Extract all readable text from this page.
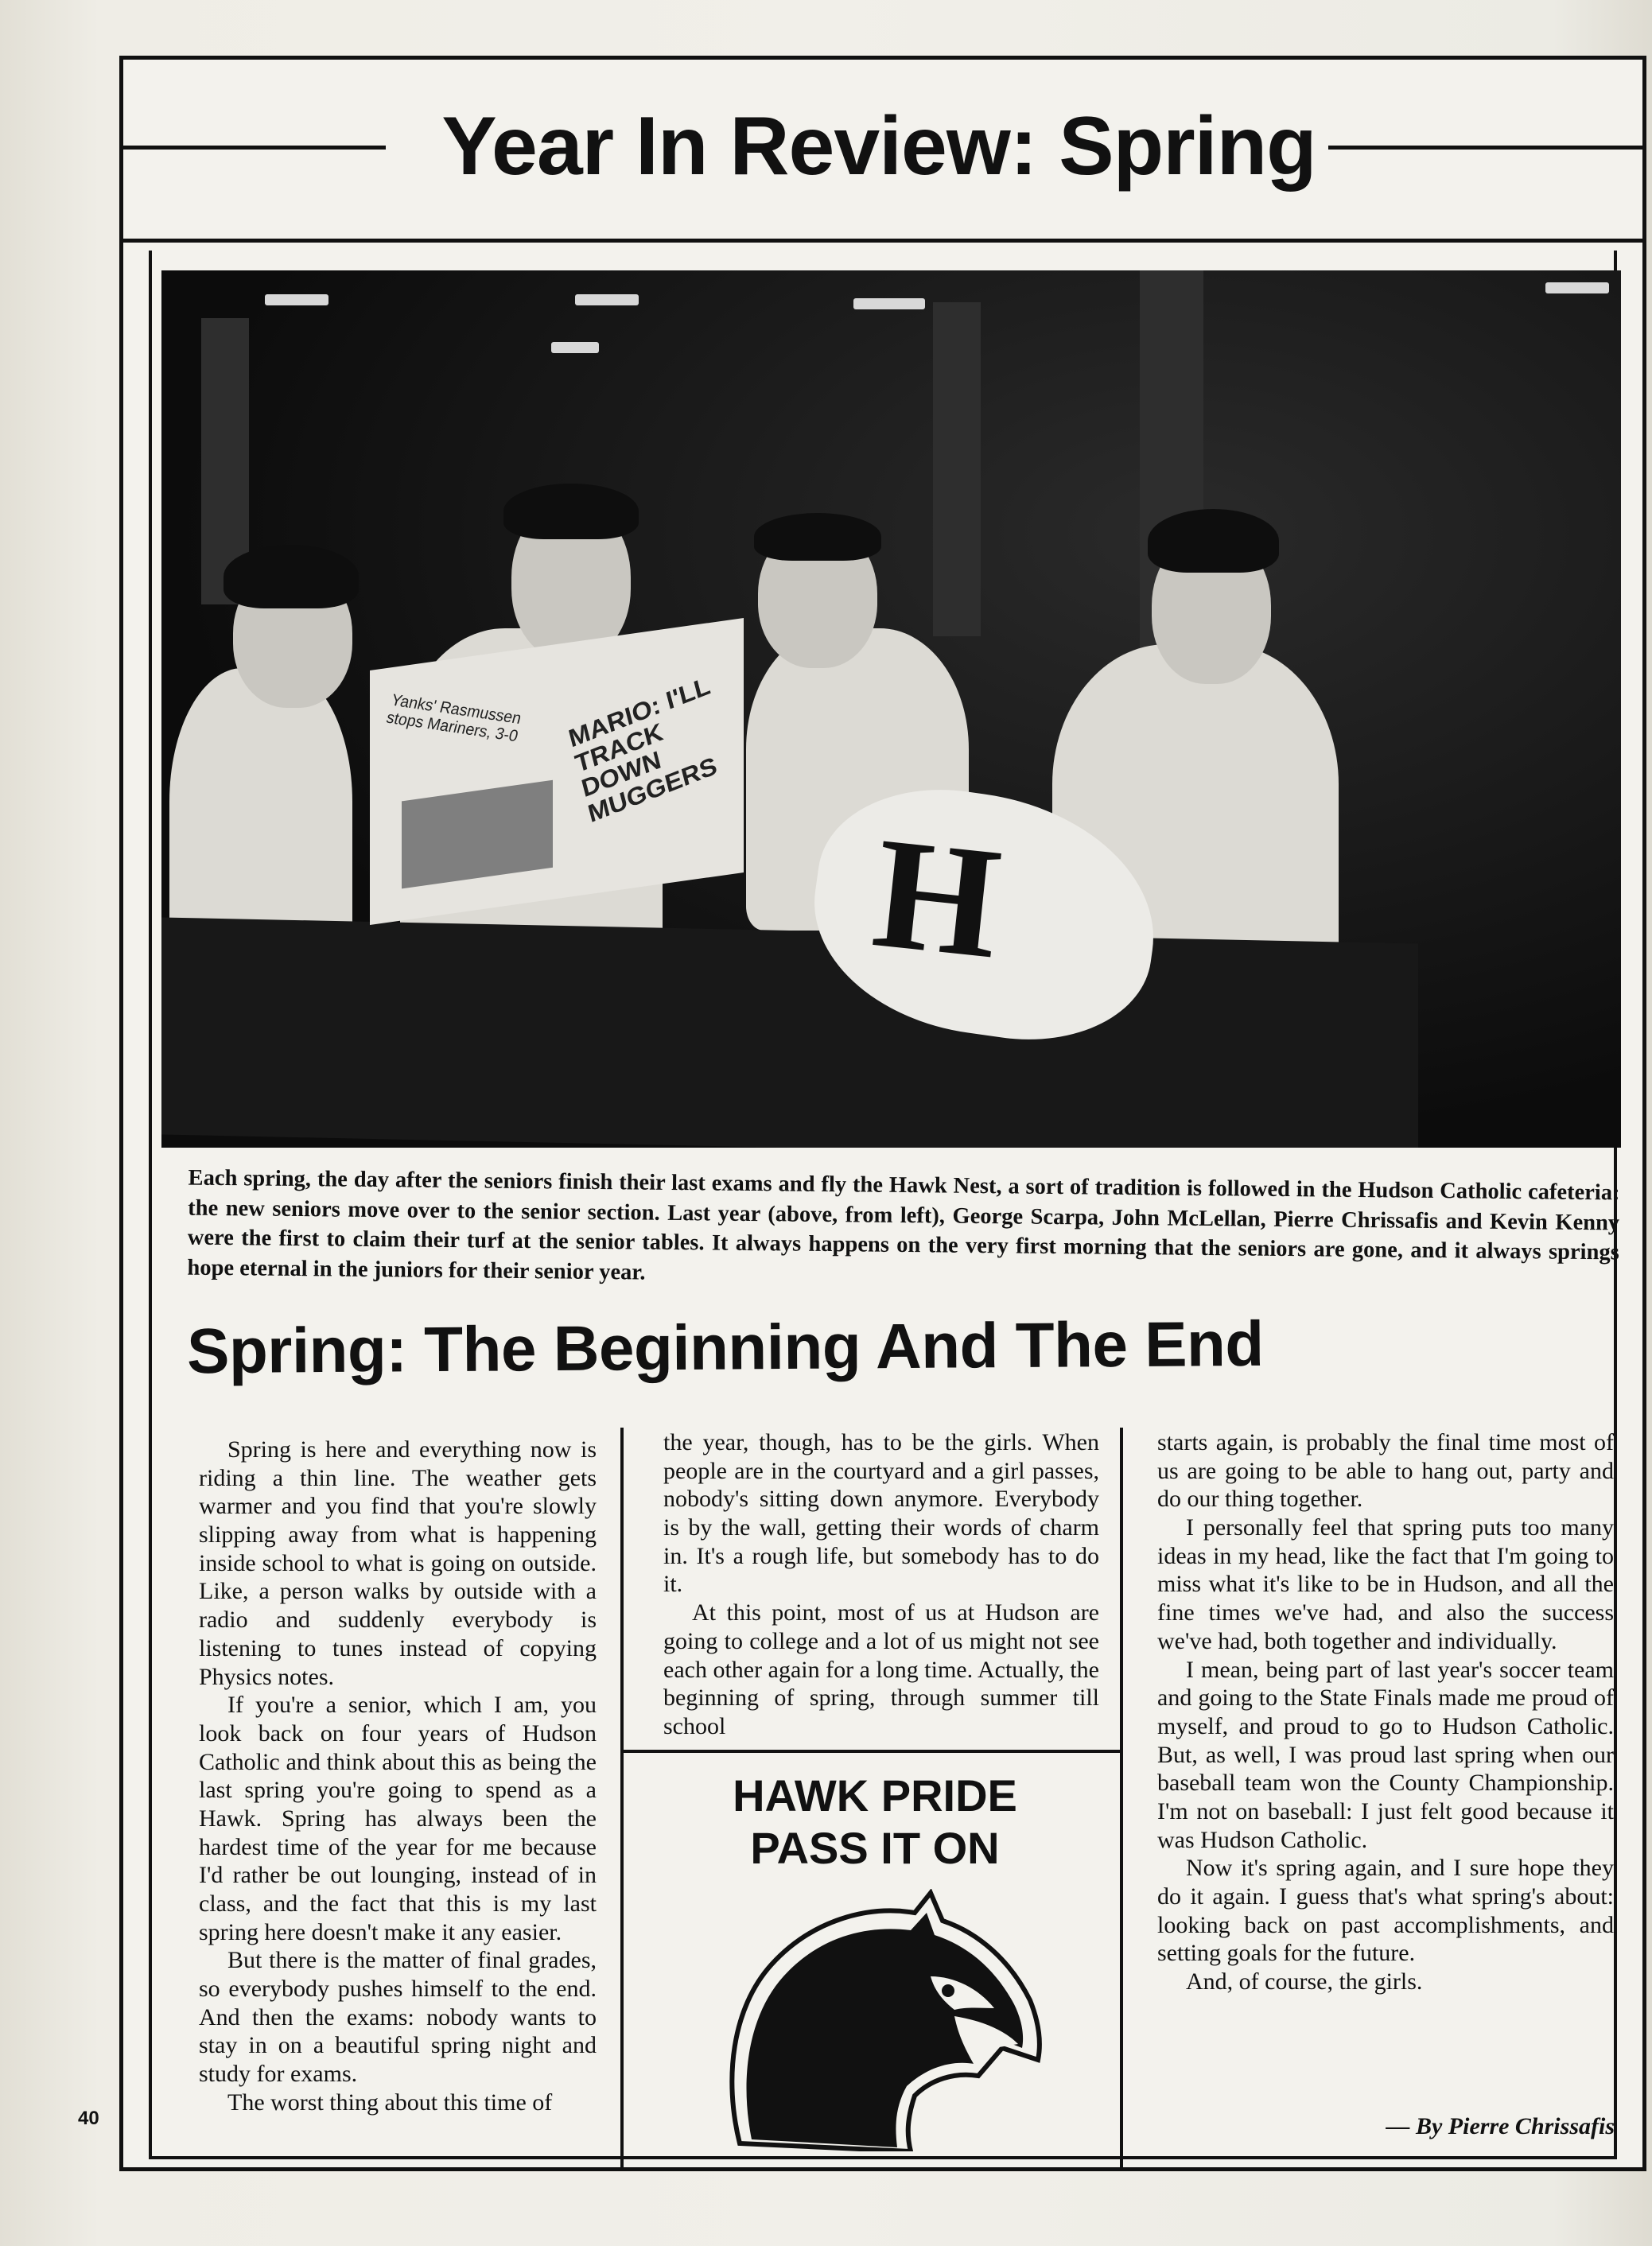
Year In Review: Spring
Yanks' Rasmussen stops Mariners, 3-0	MARIO: I'LL TRACK DOWN MUGGERS
H
Each spring, the day after the seniors finish their last exams and fly the Hawk Nest, a sort of tradition is followed in the Hudson Catholic cafeteria: the new seniors move over to the senior section. Last year (above, from left), George Scarpa, John McLellan, Pierre Chrissafis and Kevin Kenny were the first to claim their turf at the senior tables. It always happens on the very first morning that the seniors are gone, and it always springs hope eternal in the juniors for their senior year.
Spring: The Beginning And The End

Spring is here and everything now is riding a thin line. The weather gets warmer and you find that you're slowly slipping away from what is happening inside school to what is going on outside. Like, a person walks by outside with a radio and suddenly everybody is listening to tunes instead of copying Physics notes.

If you're a senior, which I am, you look back on four years of Hudson Catholic and think about this as being the last spring you're going to spend as a Hawk. Spring has always been the hardest time of the year for me because I'd rather be out lounging, instead of in class, and the fact that this is my last spring here doesn't make it any easier.

But there is the matter of final grades, so everybody pushes himself to the end. And then the exams: nobody wants to stay in on a beautiful spring night and study for exams.

The worst thing about this time of

the year, though, has to be the girls. When people are in the courtyard and a girl passes, nobody's sitting down anymore. Everybody is by the wall, getting their words of charm in. It's a rough life, but somebody has to do it.

At this point, most of us at Hudson are going to college and a lot of us might not see each other again for a long time. Actually, the beginning of spring, through summer till school

HAWK PRIDE
PASS IT ON

starts again, is probably the final time most of us are going to be able to hang out, party and do our thing together.

I personally feel that spring puts too many ideas in my head, like the fact that I'm going to miss what it's like to be in Hudson, and all the fine times we've had, and also the success we've had, both together and individually.

I mean, being part of last year's soccer team and going to the State Finals made me proud of myself, and proud to go to Hudson Catholic. But, as well, I was proud last spring when our baseball team won the County Championship. I'm not on baseball: I just felt good because it was Hudson Catholic.

Now it's spring again, and I sure hope they do it again. I guess that's what spring's about: looking back on past accomplishments, and setting goals for the future.

And, of course, the girls.

— By Pierre Chrissafis
40
